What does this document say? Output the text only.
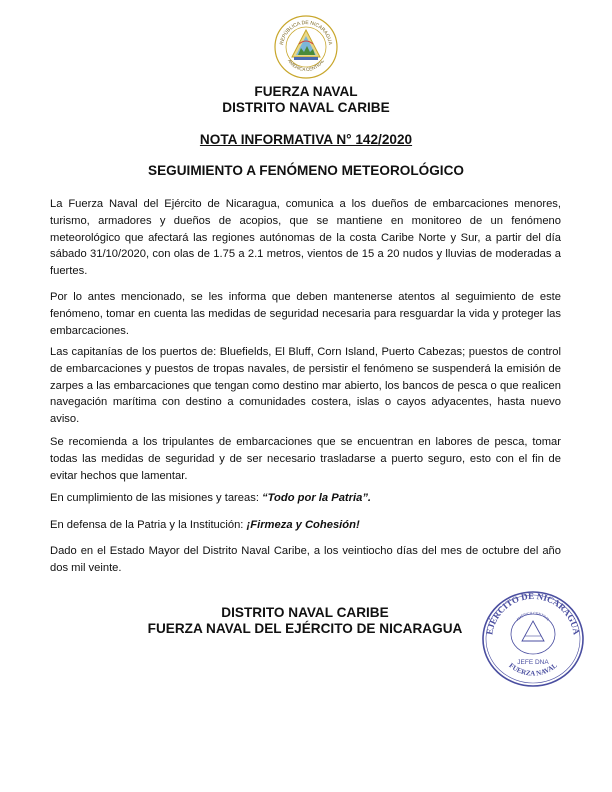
REPÚBLICA DE NICARAGUA
AMÉRICA CENTRAL
FUERZA NAVAL
DISTRITO NAVAL CARIBE
NOTA INFORMATIVA N° 142/2020
SEGUIMIENTO A FENÓMENO METEOROLÓGICO
La Fuerza Naval del Ejército de Nicaragua, comunica a los dueños de embarcaciones menores, turismo, armadores y dueños de acopios, que se mantiene en monitoreo de un fenómeno meteorológico que afectará las regiones autónomas de la costa Caribe Norte y Sur, a partir del día sábado 31/10/2020, con olas de 1.75 a 2.1 metros, vientos de 15 a 20 nudos y lluvias de moderadas a fuertes.
Por lo antes mencionado, se les informa que deben mantenerse atentos al seguimiento de este fenómeno, tomar en cuenta las medidas de seguridad necesaria para resguardar la vida y proteger las embarcaciones.
Las capitanías de los puertos de: Bluefields, El Bluff, Corn Island, Puerto Cabezas; puestos de control de embarcaciones y puestos de tropas navales, de persistir el fenómeno se suspenderá la emisión de zarpes a las embarcaciones que tengan como destino mar abierto, los bancos de pesca o que realicen navegación marítima con destino a comunidades costera, islas o cayos adyacentes, hasta nuevo aviso.
Se recomienda a los tripulantes de embarcaciones que se encuentran en labores de pesca, tomar todas las medidas de seguridad y de ser necesario trasladarse a puerto seguro, esto con el fin de evitar hechos que lamentar.
En cumplimiento de las misiones y tareas: “Todo por la Patria”.
En defensa de la Patria y la Institución: ¡Firmeza y Cohesión!
Dado en el Estado Mayor del Distrito Naval Caribe, a los veintiocho días del mes de octubre del año dos mil veinte.
DISTRITO NAVAL CARIBE
FUERZA NAVAL DEL EJÉRCITO DE NICARAGUA	EJÉRCITO DE NICARAGUA
AMÉRICA CENTRAL
JEFE DNA
FUERZA NAVAL
